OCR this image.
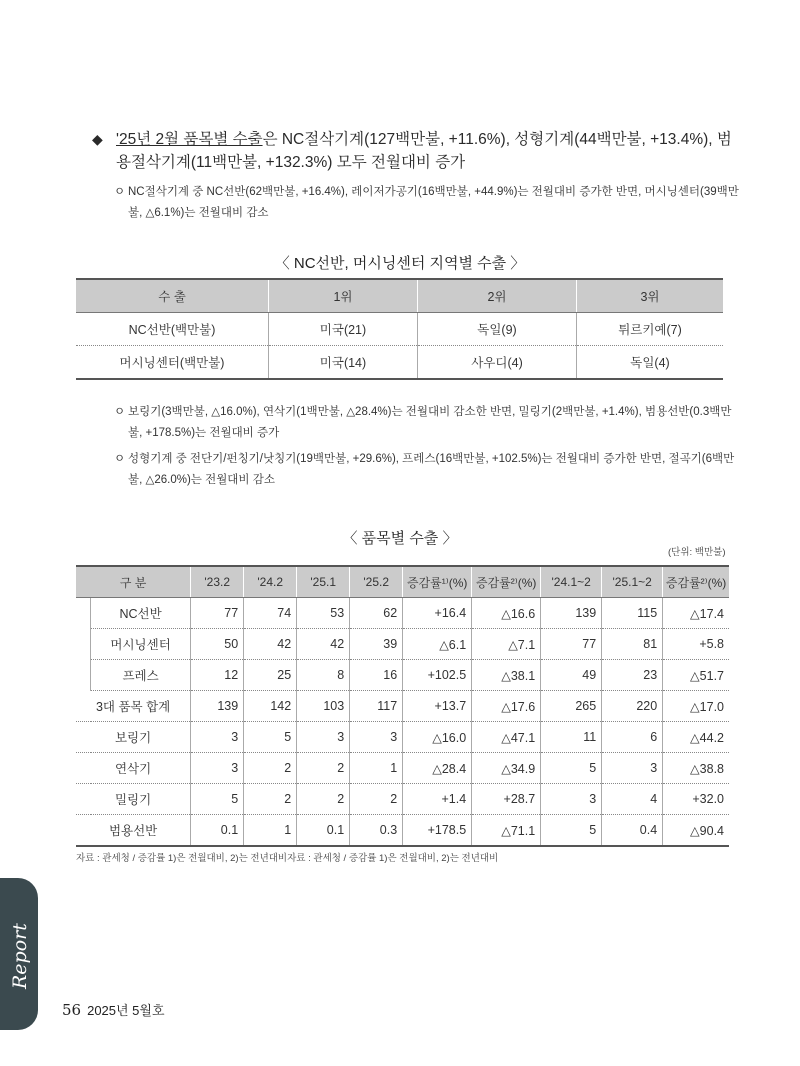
◆ '25년 2월 품목별 수출은 NC절삭기계(127백만불, +11.6%), 성형기계(44백만불, +13.4%), 범용절삭기계(11백만불, +132.3%) 모두 전월대비 증가
ㅇ NC절삭기계 중 NC선반(62백만불, +16.4%), 레이저가공기(16백만불, +44.9%)는 전월대비 증가한 반면, 머시닝센터(39백만불, △6.1%)는 전월대비 감소
〈 NC선반, 머시닝센터 지역별 수출 〉
수 출	1위	2위	3위
NC선반(백만불)	미국(21)	독일(9)	튀르키예(7)
머시닝센터(백만불)	미국(14)	사우디(4)	독일(4)
ㅇ 보링기(3백만불, △16.0%), 연삭기(1백만불, △28.4%)는 전월대비 감소한 반면, 밀링기(2백만불, +1.4%), 범용선반(0.3백만불, +178.5%)는 전월대비 증가
ㅇ 성형기계 중 전단기/펀칭기/낫칭기(19백만불, +29.6%), 프레스(16백만불, +102.5%)는 전월대비 증가한 반면, 절곡기(6백만불, △26.0%)는 전월대비 감소
〈 품목별 수출 〉
(단위: 백만불)
구 분		'23.2	'24.2	'25.1	'25.2	증감률¹⁾(%)	증감률²⁾(%)	'24.1~2	'25.1~2	증감률²⁾(%)
	NC선반	77	74	53	62	+16.4	△16.6	139	115	△17.4
	머시닝센터	50	42	42	39	△6.1	△7.1	77	81	+5.8
	프레스	12	25	8	16	+102.5	△38.1	49	23	△51.7
3대 품목 합계		139	142	103	117	+13.7	△17.6	265	220	△17.0
보링기		3	5	3	3	△16.0	△47.1	11	6	△44.2
연삭기		3	2	2	1	△28.4	△34.9	5	3	△38.8
밀링기		5	2	2	2	+1.4	+28.7	3	4	+32.0
범용선반		0.1	1	0.1	0.3	+178.5	△71.1	5	0.4	△90.4
자료 : 관세청 / 증감률 1)은 전월대비, 2)는 전년대비자료 : 관세청 / 증감률 1)은 전월대비, 2)는 전년대비
Report
56 2025년 5월호
